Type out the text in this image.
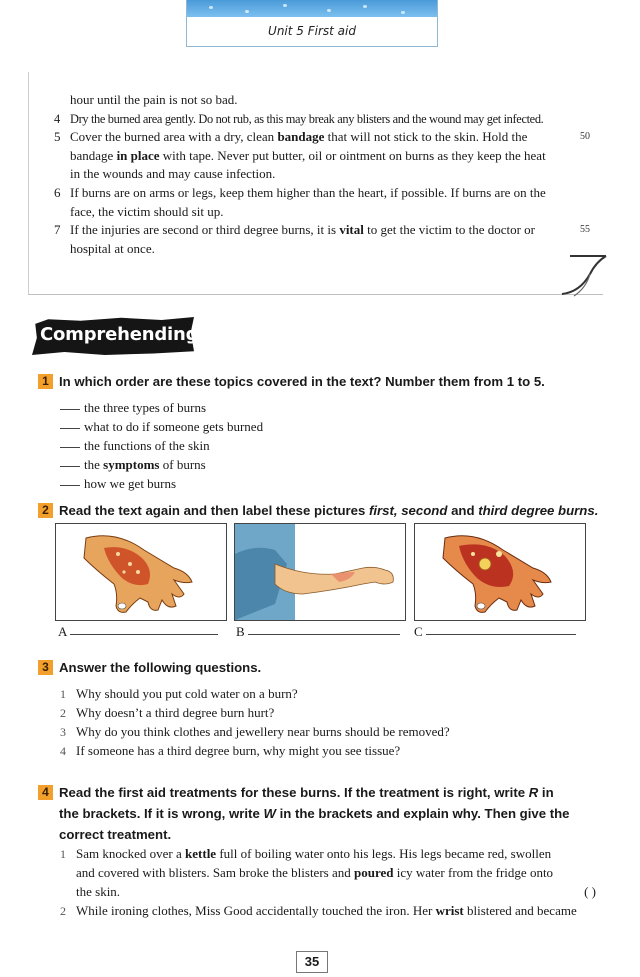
Unit 5 First aid
hour until the pain is not so bad.
4 Dry the burned area gently. Do not rub, as this may break any blisters and the wound may get infected.
5 Cover the burned area with a dry, clean bandage that will not stick to the skin. Hold the
bandage in place with tape. Never put butter, oil or ointment on burns as they keep the heat
in the wounds and may cause infection.
6 If burns are on arms or legs, keep them higher than the heart, if possible. If burns are on the
face, the victim should sit up.
7 If the injuries are second or third degree burns, it is vital to get the victim to the doctor or
hospital at once.
50
55
Comprehending
1 In which order are these topics covered in the text? Number them from 1 to 5.
the three types of burns
what to do if someone gets burned
the functions of the skin
the symptoms of burns
how we get burns
2 Read the text again and then label these pictures first, second and third degree burns.
A	B	C
3 Answer the following questions.
1 Why should you put cold water on a burn?
2 Why doesn’t a third degree burn hurt?
3 Why do you think clothes and jewellery near burns should be removed?
4 If someone has a third degree burn, why might you see tissue?
4 Read the first aid treatments for these burns. If the treatment is right, write R in
the brackets. If it is wrong, write W in the brackets and explain why. Then give the
correct treatment.
1 Sam knocked over a kettle full of boiling water onto his legs. His legs became red, swollen
and covered with blisters. Sam broke the blisters and poured icy water from the fridge onto
the skin.	( )
2 While ironing clothes, Miss Good accidentally touched the iron. Her wrist blistered and became
35
